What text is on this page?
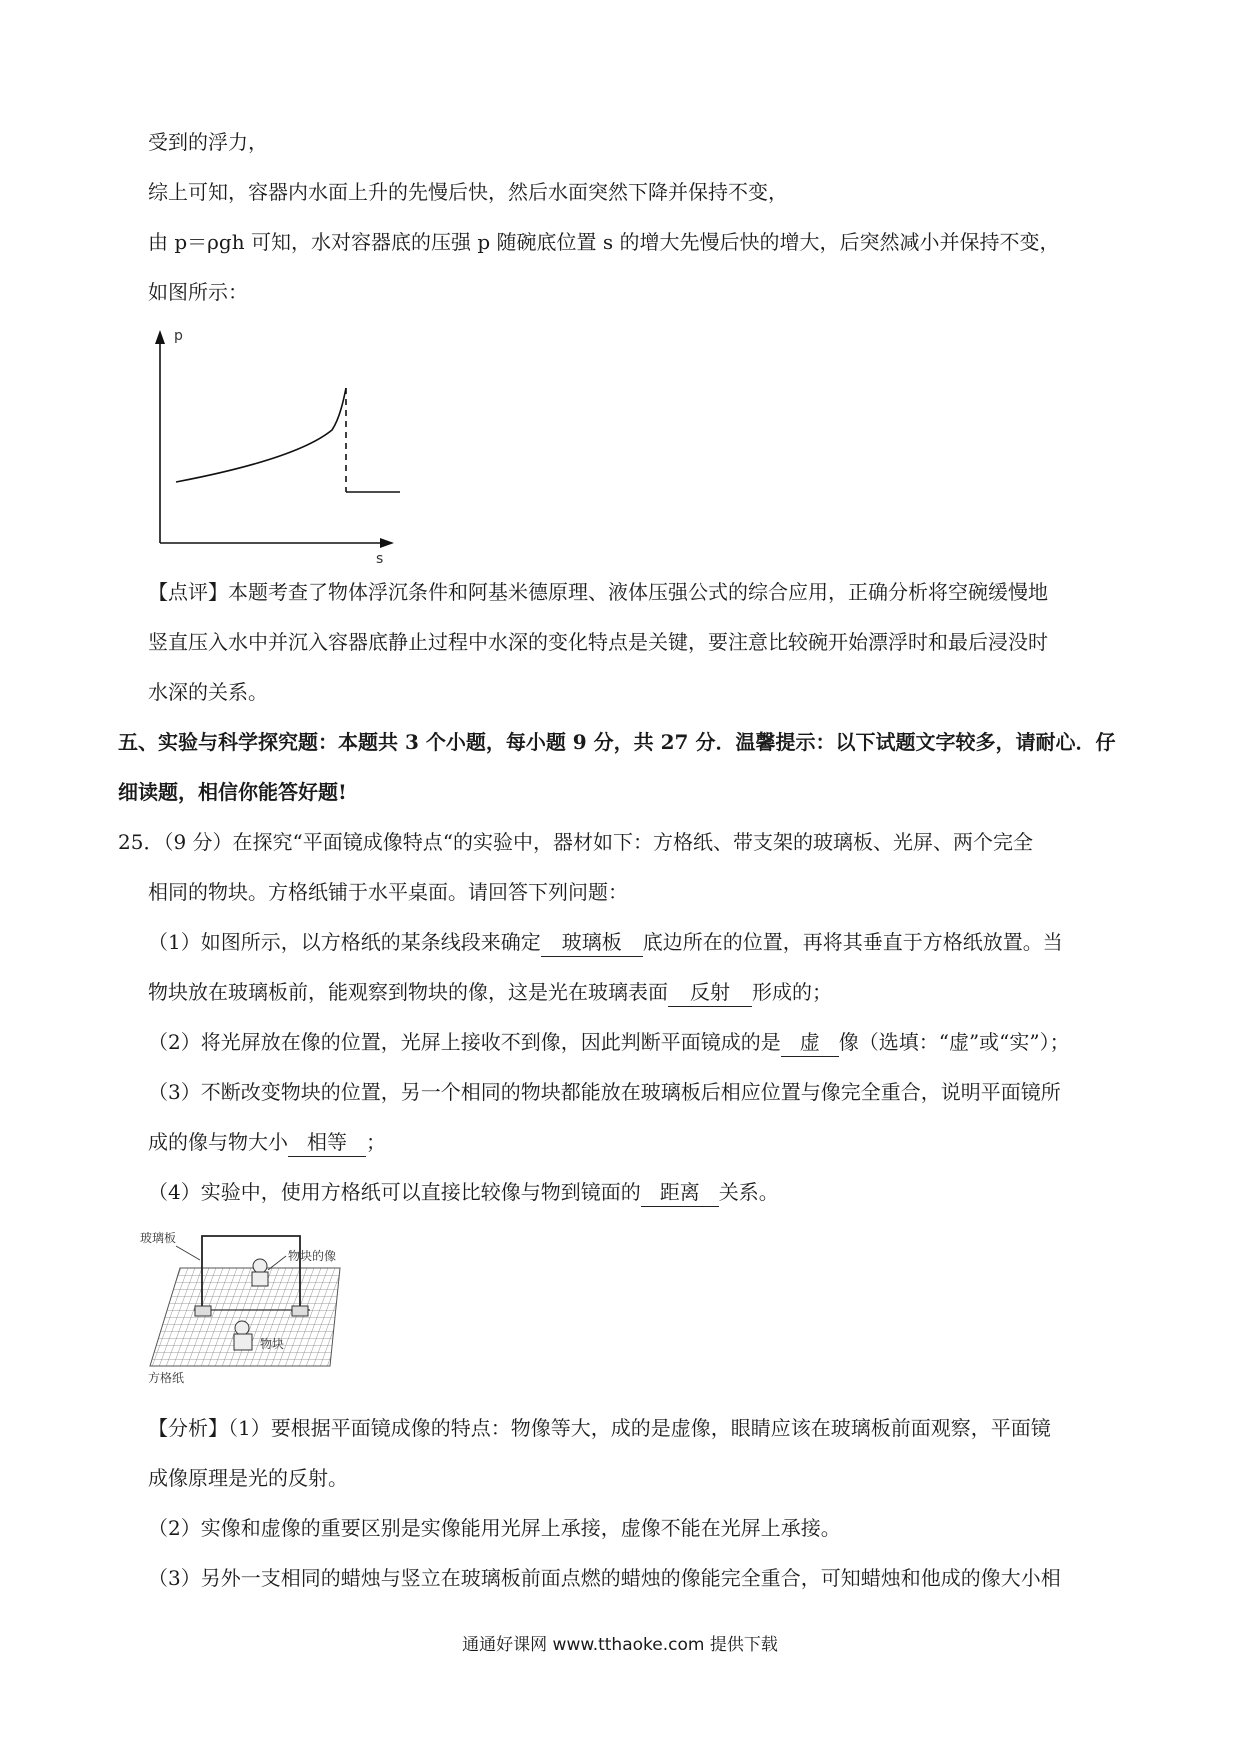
受到的浮力，
综上可知，容器内水面上升的先慢后快，然后水面突然下降并保持不变，
由 p＝ρgh 可知，水对容器底的压强 p 随碗底位置 s 的增大先慢后快的增大，后突然减小并保持不变，
如图所示：
p
s
【点评】本题考查了物体浮沉条件和阿基米德原理、液体压强公式的综合应用，正确分析将空碗缓慢地
竖直压入水中并沉入容器底静止过程中水深的变化特点是关键，要注意比较碗开始漂浮时和最后浸没时
水深的关系。
五、实验与科学探究题：本题共 3 个小题，每小题 9 分，共 27 分．温馨提示：以下试题文字较多，请耐心．仔
细读题，相信你能答好题!
25．（9 分）在探究“平面镜成像特点“的实验中，器材如下：方格纸、带支架的玻璃板、光屏、两个完全
相同的物块。方格纸铺于水平桌面。请回答下列问题：
（1）如图所示，以方格纸的某条线段来确定 玻璃板 底边所在的位置，再将其垂直于方格纸放置。当
物块放在玻璃板前，能观察到物块的像，这是光在玻璃表面 反射 形成的；
（2）将光屏放在像的位置，光屏上接收不到像，因此判断平面镜成的是 虚 像（选填：“虚”或“实”）；
（3）不断改变物块的位置，另一个相同的物块都能放在玻璃板后相应位置与像完全重合，说明平面镜所
成的像与物大小 相等 ；
（4）实验中，使用方格纸可以直接比较像与物到镜面的 距离 关系。
玻璃板
物块的像
物块
方格纸
【分析】（1）要根据平面镜成像的特点：物像等大，成的是虚像，眼睛应该在玻璃板前面观察，平面镜
成像原理是光的反射。
（2）实像和虚像的重要区别是实像能用光屏上承接，虚像不能在光屏上承接。
（3）另外一支相同的蜡烛与竖立在玻璃板前面点燃的蜡烛的像能完全重合，可知蜡烛和他成的像大小相
通通好课网 www.tthaoke.com 提供下载
